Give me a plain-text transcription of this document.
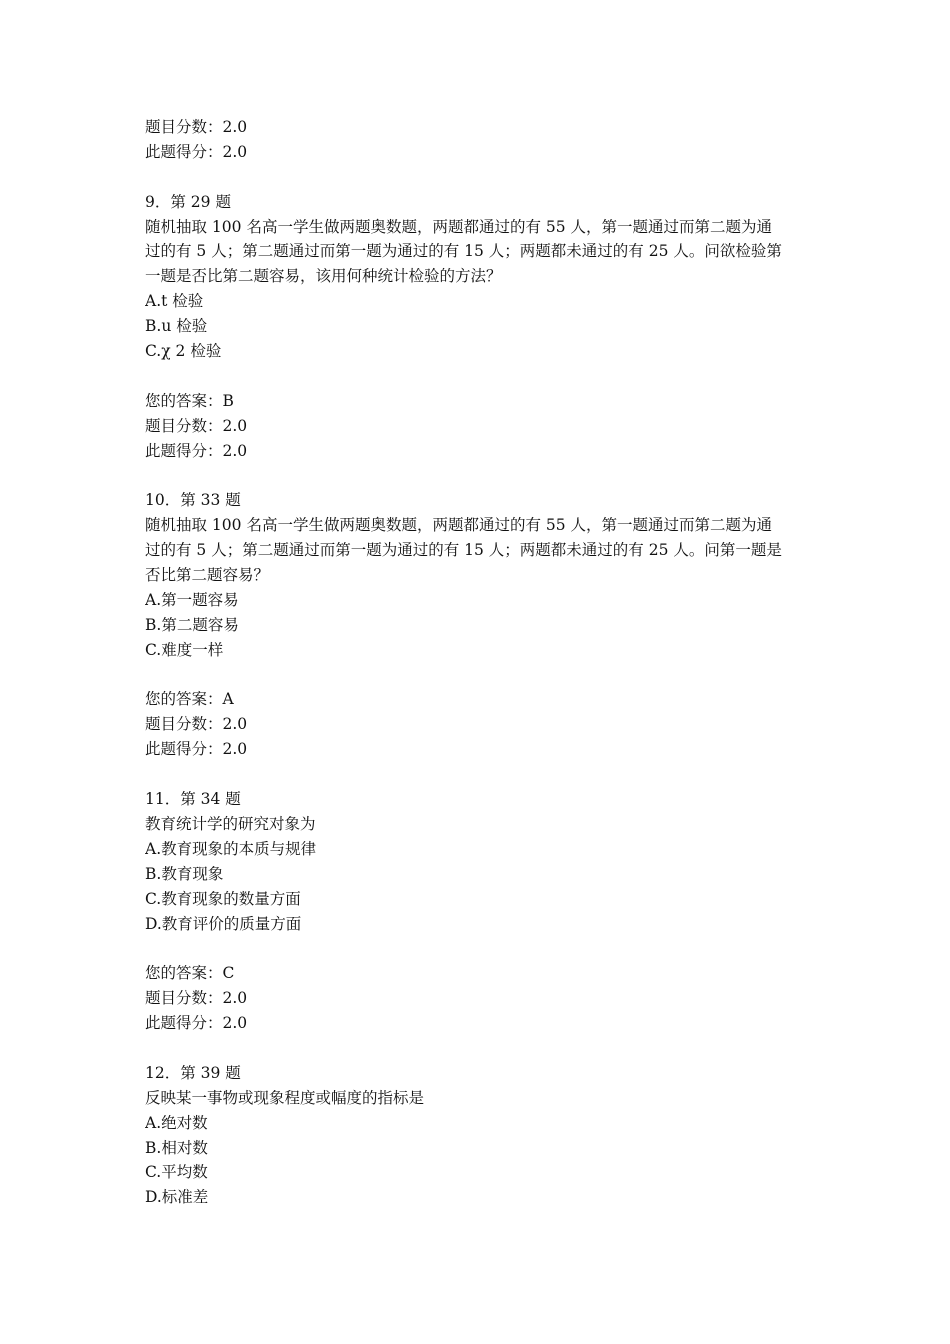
题目分数：2.0
此题得分：2.0
9．第 29 题
随机抽取 100 名高一学生做两题奥数题，两题都通过的有 55 人，第一题通过而第二题为通
过的有 5 人；第二题通过而第一题为通过的有 15 人；两题都未通过的有 25 人。问欲检验第
一题是否比第二题容易，该用何种统计检验的方法？
A.t 检验
B.u 检验
C.χ 2 检验
您的答案：B
题目分数：2.0
此题得分：2.0
10．第 33 题
随机抽取 100 名高一学生做两题奥数题，两题都通过的有 55 人，第一题通过而第二题为通
过的有 5 人；第二题通过而第一题为通过的有 15 人；两题都未通过的有 25 人。问第一题是
否比第二题容易？
A.第一题容易
B.第二题容易
C.难度一样
您的答案：A
题目分数：2.0
此题得分：2.0
11．第 34 题
教育统计学的研究对象为
A.教育现象的本质与规律
B.教育现象
C.教育现象的数量方面
D.教育评价的质量方面
您的答案：C
题目分数：2.0
此题得分：2.0
12．第 39 题
反映某一事物或现象程度或幅度的指标是
A.绝对数
B.相对数
C.平均数
D.标准差
